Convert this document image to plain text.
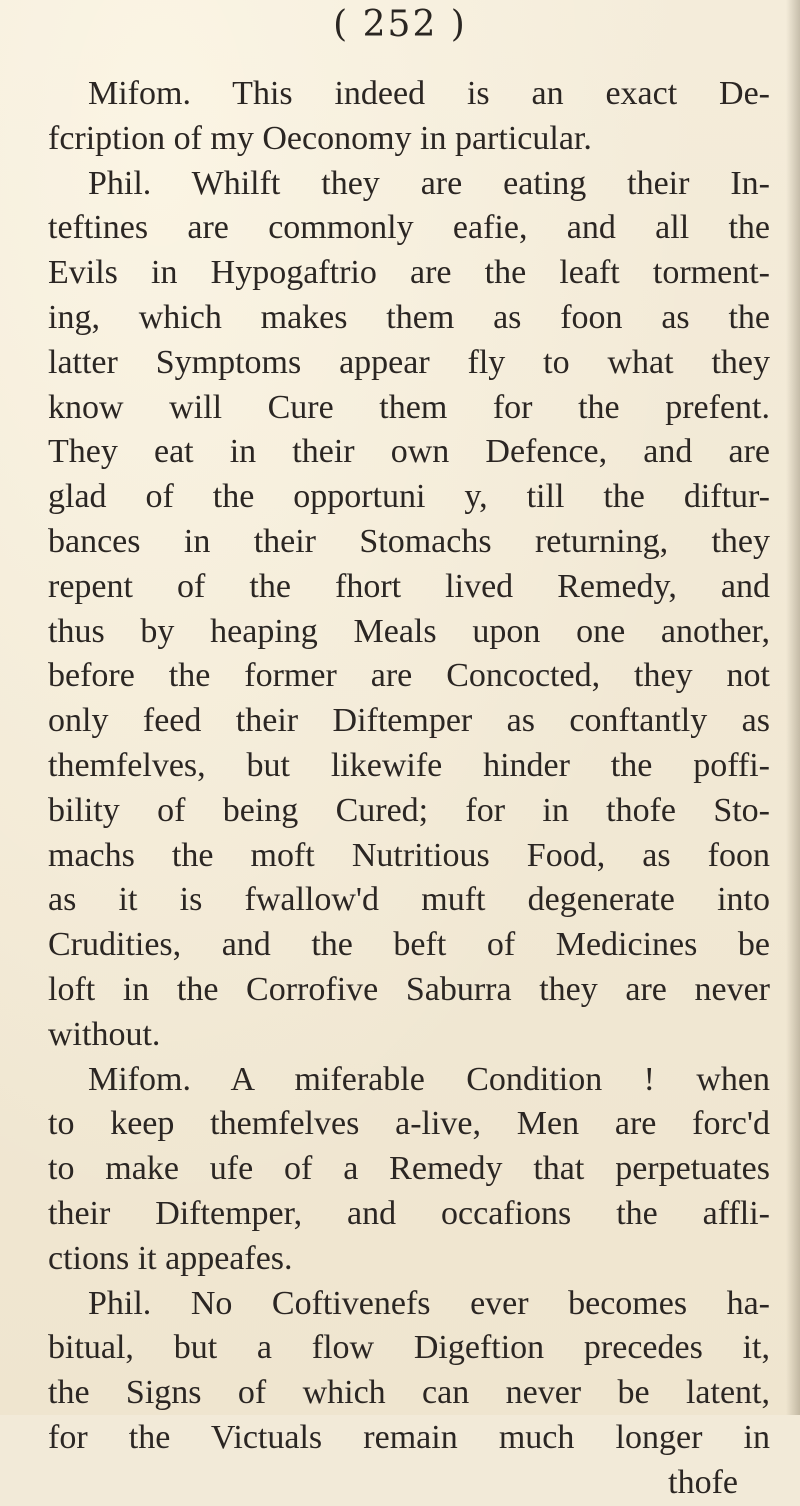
( 252 )
Mifom. This indeed is an exact De-
fcription of my Oeconomy in particular.
Phil. Whilft they are eating their In-
teftines are commonly eafie, and all the
Evils in Hypogaftrio are the leaft torment-
ing, which makes them as foon as the
latter Symptoms appear fly to what they
know will Cure them for the prefent.
They eat in their own Defence, and are
glad of the opportuni y, till the diftur-
bances in their Stomachs returning, they
repent of the fhort lived Remedy, and
thus by heaping Meals upon one another,
before the former are Concocted, they not
only feed their Diftemper as conftantly as
themfelves, but likewife hinder the poffi-
bility of being Cured; for in thofe Sto-
machs the moft Nutritious Food, as foon
as it is fwallow'd muft degenerate into
Crudities, and the beft of Medicines be
loft in the Corrofive Saburra they are never
without.
Mifom. A miferable Condition ! when
to keep themfelves a-live, Men are forc'd
to make ufe of a Remedy that perpetuates
their Diftemper, and occafions the affli-
ctions it appeafes.
Phil. No Coftivenefs ever becomes ha-
bitual, but a flow Digeftion precedes it,
the Signs of which can never be latent,
for the Victuals remain much longer in
thofe
